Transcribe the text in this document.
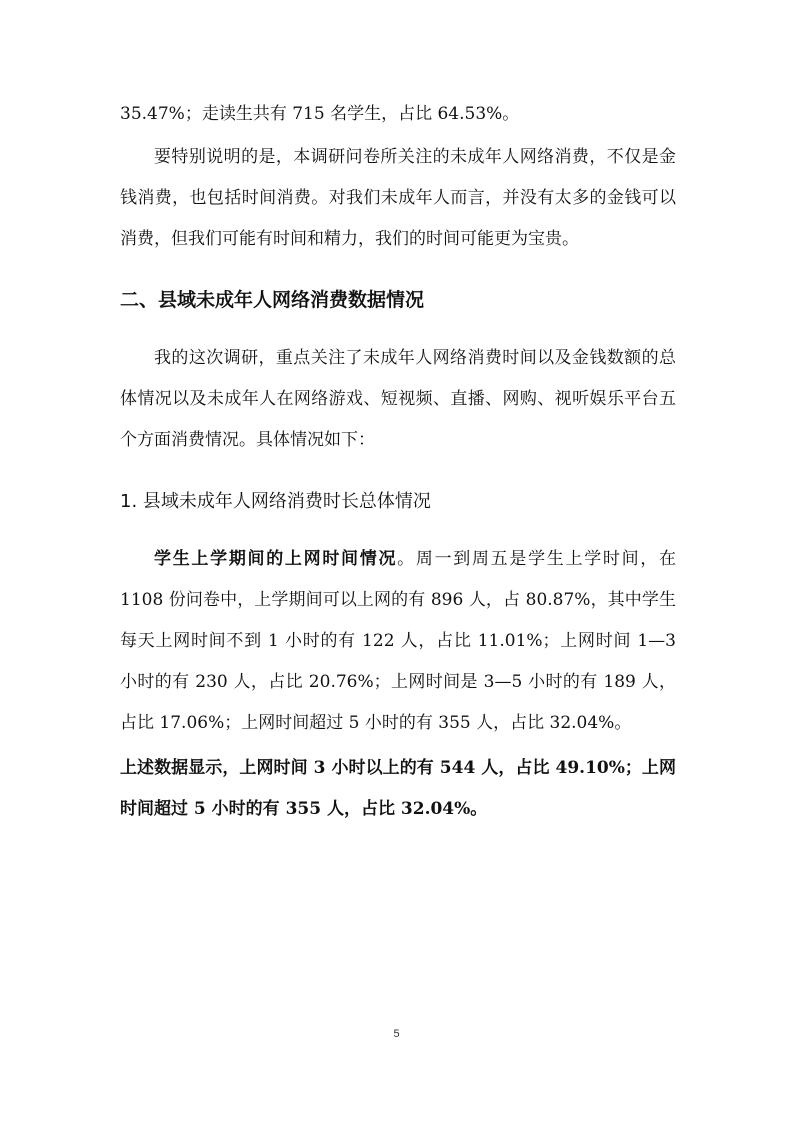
35.47%；走读生共有 715 名学生，占比 64.53%。
要特别说明的是，本调研问卷所关注的未成年人网络消费，不仅是金钱消费，也包括时间消费。对我们未成年人而言，并没有太多的金钱可以消费，但我们可能有时间和精力，我们的时间可能更为宝贵。
二、县域未成年人网络消费数据情况
我的这次调研，重点关注了未成年人网络消费时间以及金钱数额的总体情况以及未成年人在网络游戏、短视频、直播、网购、视听娱乐平台五个方面消费情况。具体情况如下：
1. 县域未成年人网络消费时长总体情况
学生上学期间的上网时间情况。周一到周五是学生上学时间，在 1108 份问卷中，上学期间可以上网的有 896 人，占 80.87%，其中学生每天上网时间不到 1 小时的有 122 人，占比 11.01%；上网时间 1—3 小时的有 230 人，占比 20.76%；上网时间是 3—5 小时的有 189 人，占比 17.06%；上网时间超过 5 小时的有 355 人，占比 32.04%。
上述数据显示，上网时间 3 小时以上的有 544 人，占比 49.10%；上网时间超过 5 小时的有 355 人，占比 32.04%。
5
